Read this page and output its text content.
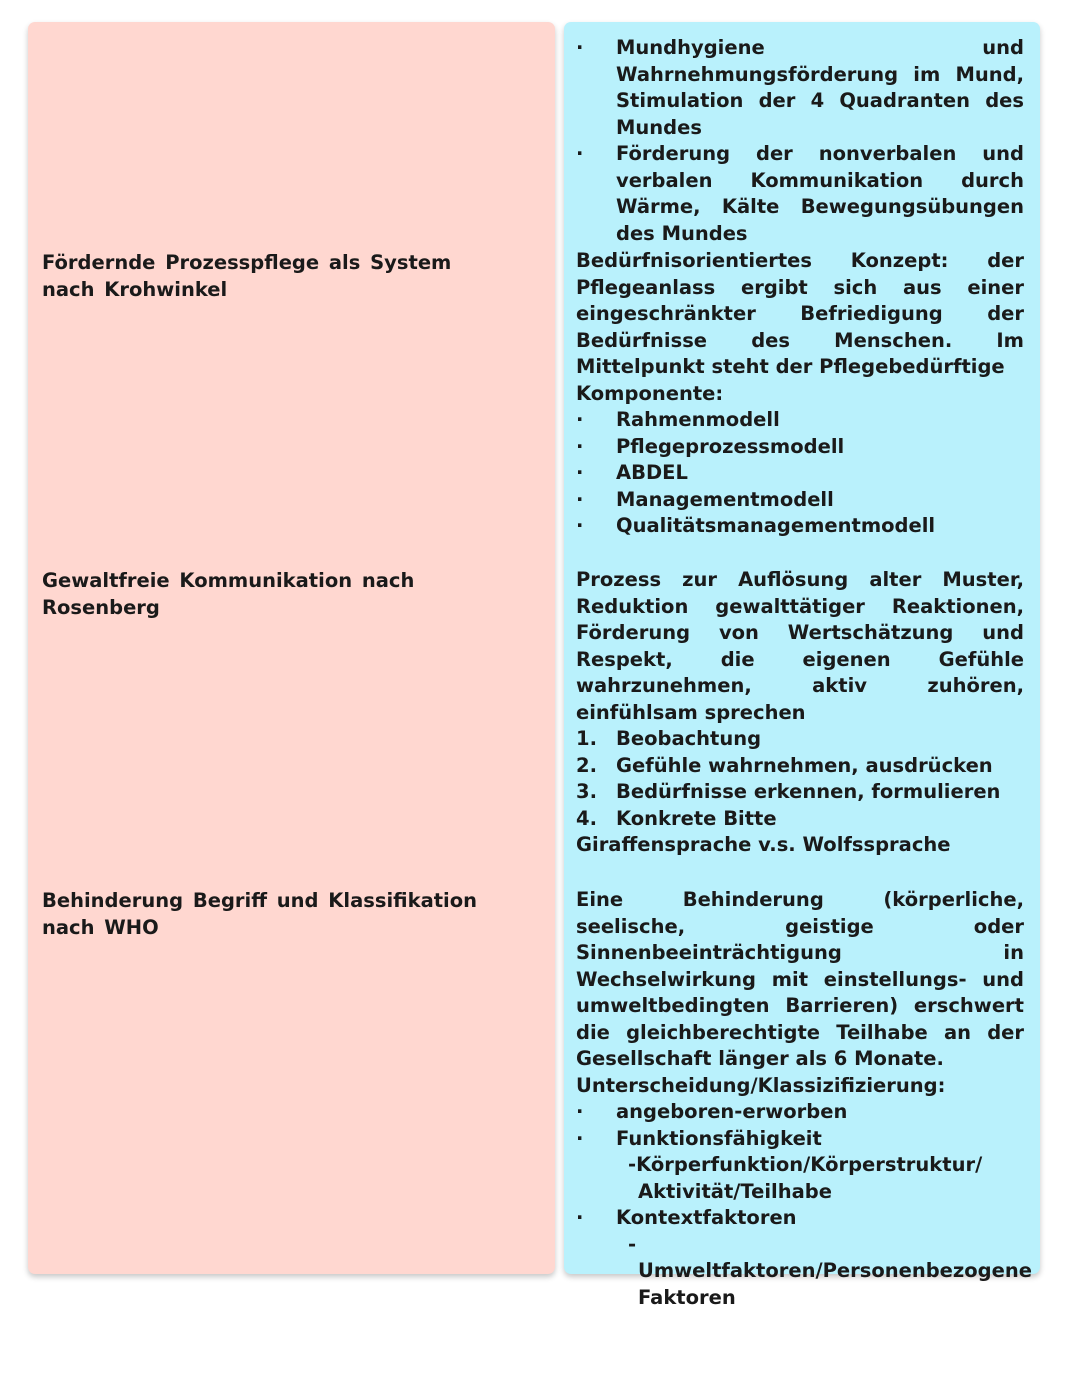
Fördernde Prozesspflege als System nach Krohwinkel
Gewaltfreie Kommunikation nach Rosenberg
Behinderung Begriff und Klassifikation nach WHO
· Mundhygiene und Wahrnehmungsförderung im Mund, Stimulation der 4 Quadranten des Mundes
· Förderung der nonverbalen und verbalen Kommunikation durch Wärme, Kälte Bewegungsübungen des Mundes

Bedürfnisorientiertes Konzept: der Pflegeanlass ergibt sich aus einer eingeschränkter Befriedigung der Bedürfnisse des Menschen. Im Mittelpunkt steht der Pflegebedürftige

Komponente:

· Rahmenmodell
· Pflegeprozessmodell
· ABDEL
· Managementmodell
· Qualitätsmanagementmodell

Prozess zur Auflösung alter Muster, Reduktion gewalttätiger Reaktionen, Förderung von Wertschätzung und Respekt, die eigenen Gefühle wahrzunehmen, aktiv zuhören, einfühlsam sprechen

1. Beobachtung
2. Gefühle wahrnehmen, ausdrücken
3. Bedürfnisse erkennen, formulieren
4. Konkrete Bitte

Giraffensprache v.s. Wolfssprache

Eine Behinderung (körperliche, seelische, geistige oder Sinnenbeeinträchtigung in Wechselwirkung mit einstellungs- und umweltbedingten Barrieren) erschwert die gleichberechtigte Teilhabe an der Gesellschaft länger als 6 Monate.

Unterscheidung/Klassizifizierung:

· angeboren-erworben
· Funktionsfähigkeit

-Körperfunktion/Körperstruktur/ Aktivität/Teilhabe

· Kontextfaktoren

-Umweltfaktoren/Personenbezogene Faktoren
